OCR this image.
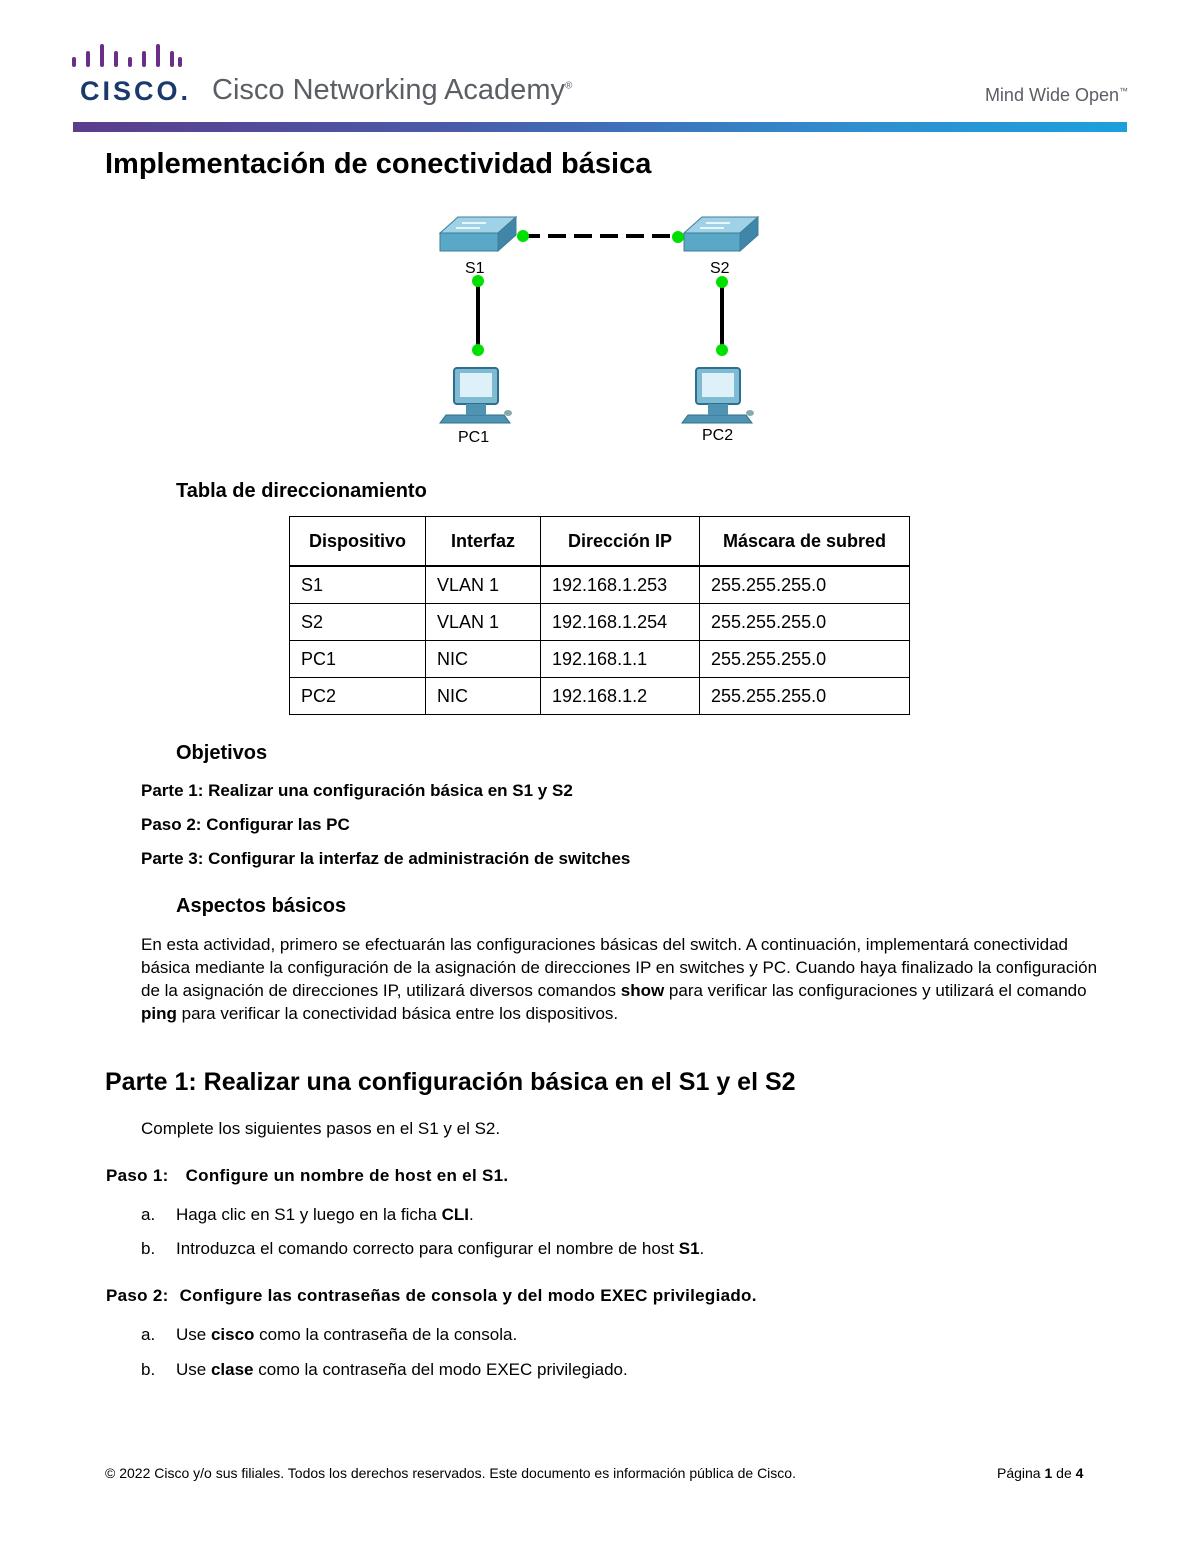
CISCO. Cisco Networking Academy®	Mind Wide Open™
Implementación de conectividad básica
S1	S2
PC1	PC2
Tabla de direccionamiento
Dispositivo	Interfaz	Dirección IP	Máscara de subred
S1	VLAN 1	192.168.1.253	255.255.255.0
S2	VLAN 1	192.168.1.254	255.255.255.0
PC1	NIC	192.168.1.1	255.255.255.0
PC2	NIC	192.168.1.2	255.255.255.0
Objetivos
Parte 1: Realizar una configuración básica en S1 y S2
Paso 2: Configurar las PC
Parte 3: Configurar la interfaz de administración de switches
Aspectos básicos
En esta actividad, primero se efectuarán las configuraciones básicas del switch. A continuación, implementará conectividad básica mediante la configuración de la asignación de direcciones IP en switches y PC. Cuando haya finalizado la configuración de la asignación de direcciones IP, utilizará diversos comandos show para verificar las configuraciones y utilizará el comando ping para verificar la conectividad básica entre los dispositivos.
Parte 1: Realizar una configuración básica en el S1 y el S2
Complete los siguientes pasos en el S1 y el S2.
Paso 1: Configure un nombre de host en el S1.
a. Haga clic en S1 y luego en la ficha CLI.
b. Introduzca el comando correcto para configurar el nombre de host S1.
Paso 2: Configure las contraseñas de consola y del modo EXEC privilegiado.
a. Use cisco como la contraseña de la consola.
b. Use clase como la contraseña del modo EXEC privilegiado.
© 2022 Cisco y/o sus filiales. Todos los derechos reservados. Este documento es información pública de Cisco.	Página 1 de 4
